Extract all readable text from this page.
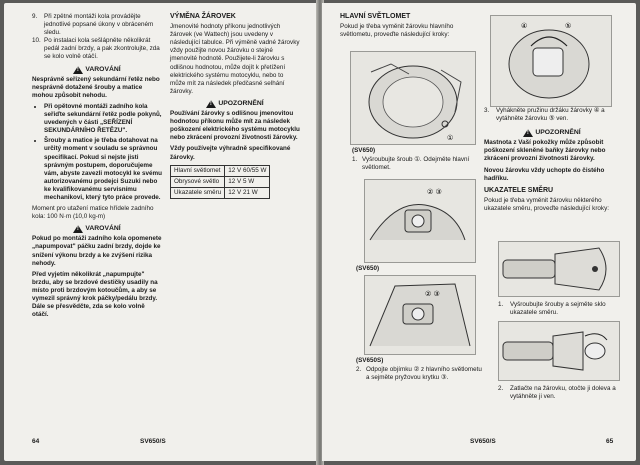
9.	Při zpětné montáži kola provádějte jednotlivé popsané úkony v obráceném sledu.
10. Po instalaci kola sešlápněte několikrát pedál zadní brzdy, a pak zkontrolujte, zda se kolo volně otáčí.
!
VAROVÁNÍ

Nesprávně seřízený sekundární řetěz nebo nesprávně dotažené šrouby a matice mohou způsobit nehodu.

• Při opětovné montáži zadního kola seřiďte sekundární řetěz podle pokynů, uvedených v části „SEŘÍZENÍ SEKUNDÁRNÍHO ŘETĚZU".
• Šrouby a matice je třeba dotahovat na určitý moment v souladu se správnou specifikací. Pokud si nejste jisti správným postupem, doporučujeme vám, abyste zavezli motocykl ke svému autorizovanému prodejci Suzuki nebo ke kvalifikovanému servisnímu mechanikovi, který tyto práce provede.

Moment pro utažení matice hřídele zadního kola: 100 N·m (10,0 kg-m)

!
VAROVÁNÍ

Pokud po montáži zadního kola opomenete „napumpovat" páčku zadní brzdy, dojde ke snížení výkonu brzdy a ke zvýšení rizika nehody.

Před vyjetím několikrát „napumpujte" brzdu, aby se brzdové destičky usadily na místo proti brzdovým kotoučům, a aby se vymezil správný krok páčky/pedálu brzdy. Dále se přesvědčte, zda se kolo volně otáčí.

VÝMĚNA ŽÁROVEK

Jmenovité hodnoty příkonu jednotlivých žárovek (ve Wattech) jsou uvedeny v následující tabulce. Při výměně vadné žárovky vždy použijte novou žárovku o stejné jmenovité hodnotě. Použijete-li žárovku s odlišnou hodnotou, může dojít k přetížení elektrického systému motocyklu, nebo to může mít za následek předčasné selhání žárovky.

!
UPOZORNĚNÍ

Používání žárovky s odlišnou jmenovitou hodnotou příkonu může mít za následek poškození elektrického systému motocyklu nebo zkrácení provozní životnosti žárovky.

Vždy používejte výhradně specifikované žárovky.

Hlavní světlomet	12 V 60/55 W
Obrysové světlo	12 V 5 W
Ukazatele směru	12 V 21 W
64	SV650/S
HLAVNÍ SVĚTLOMET

Pokud je třeba vyměnit žárovku hlavního světlometu, proveďte následující kroky:

①
(SV650)
1. Vyšroubujte šroub ①. Odejměte hlavní světlomet.
② ③
(SV650)
② ③
(SV650S)
2. Odpojte objímku ② z hlavního světlometu a sejměte pryžovou krytku ③.
④	⑤
3.	Vyhákněte pružinu držáku žárovky ④ a vytáhněte žárovku ⑤ ven.
!
UPOZORNĚNÍ

Mastnota z Vaší pokožky může způsobit poškození skleněné baňky žárovky nebo zkrácení provozní životnosti žárovky.

Novou žárovku vždy uchopte do čistého hadříku.

UKAZATELE SMĚRU

Pokud je třeba vyměnit žárovku některého ukazatele směru, proveďte následující kroky:

1.	Vyšroubujte šrouby a sejměte sklo ukazatele směru.
2.	Zatlačte na žárovku, otočte ji doleva a vytáhněte ji ven.
SV650/S	65
